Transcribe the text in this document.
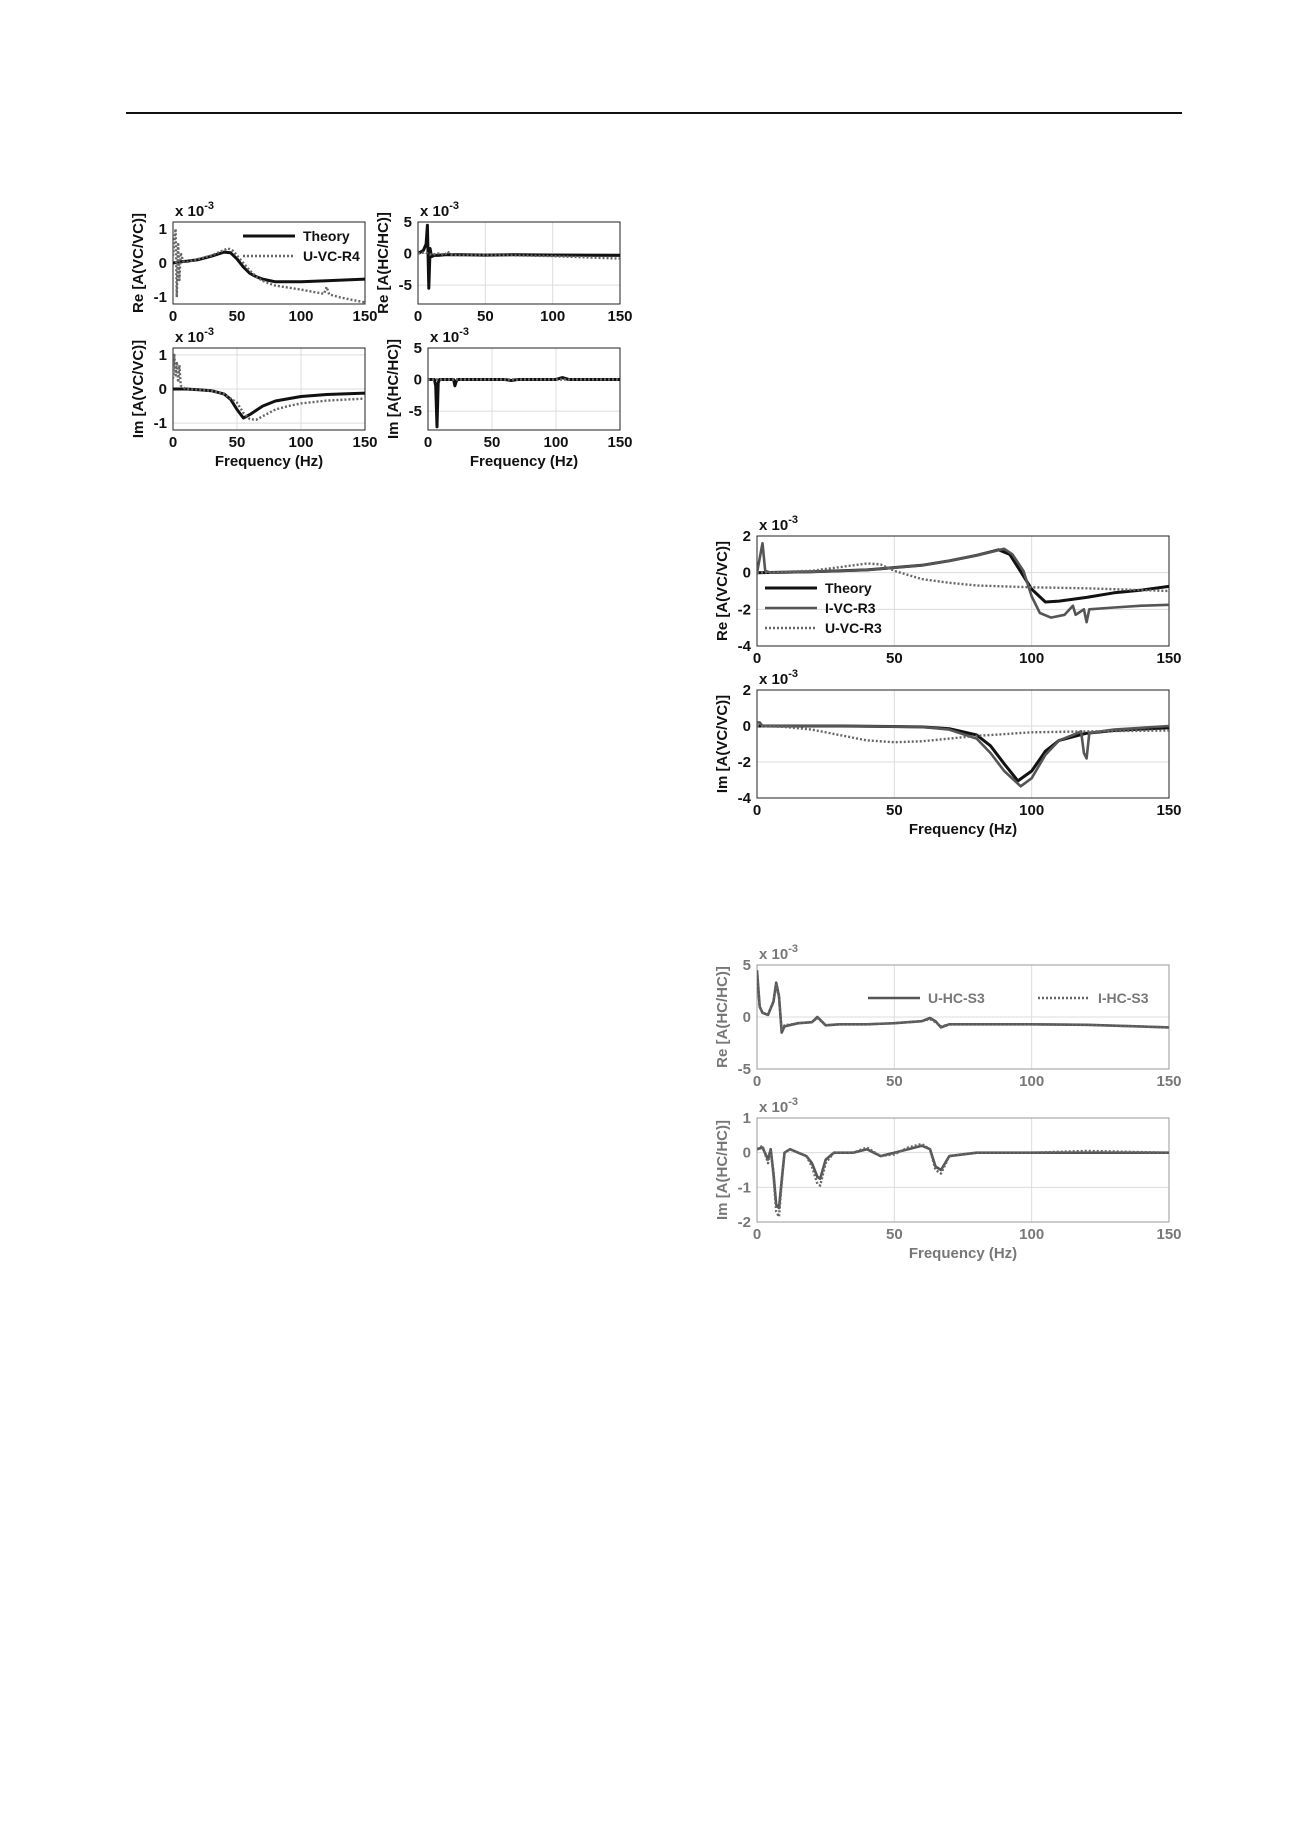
0	50	100	150
-1
0
1
x $10^{-3}$
Re [A(VC/VC)]	Theory
U-VC-R4
0	50	100	150
-5
0
5
x $10^{-3}$
Re [A(HC/HC)]
0	50	100	150
-1
0
1
x $10^{-3}$
Im [A(VC/VC)]
Frequency (Hz)
0	50	100	150
-5
0
5
x $10^{-3}$
Im [A(HC/HC)]
Frequency (Hz)
0	50	100	150
-4
-2
0
2
x $10^{-3}$
Re [A(VC/VC)]	Theory
I-VC-R3
U-VC-R3
0	50	100	150
-4
-2
0
2
x $10^{-3}$
Im [A(VC/VC)]
Frequency (Hz)
0	50	100	150
-5
0
5
x $10^{-3}$
Re [A(HC/HC)]	U-HC-S3	I-HC-S3
0	50	100	150
-2
-1
0
1
x $10^{-3}$
Im [A(HC/HC)]
Frequency (Hz)
